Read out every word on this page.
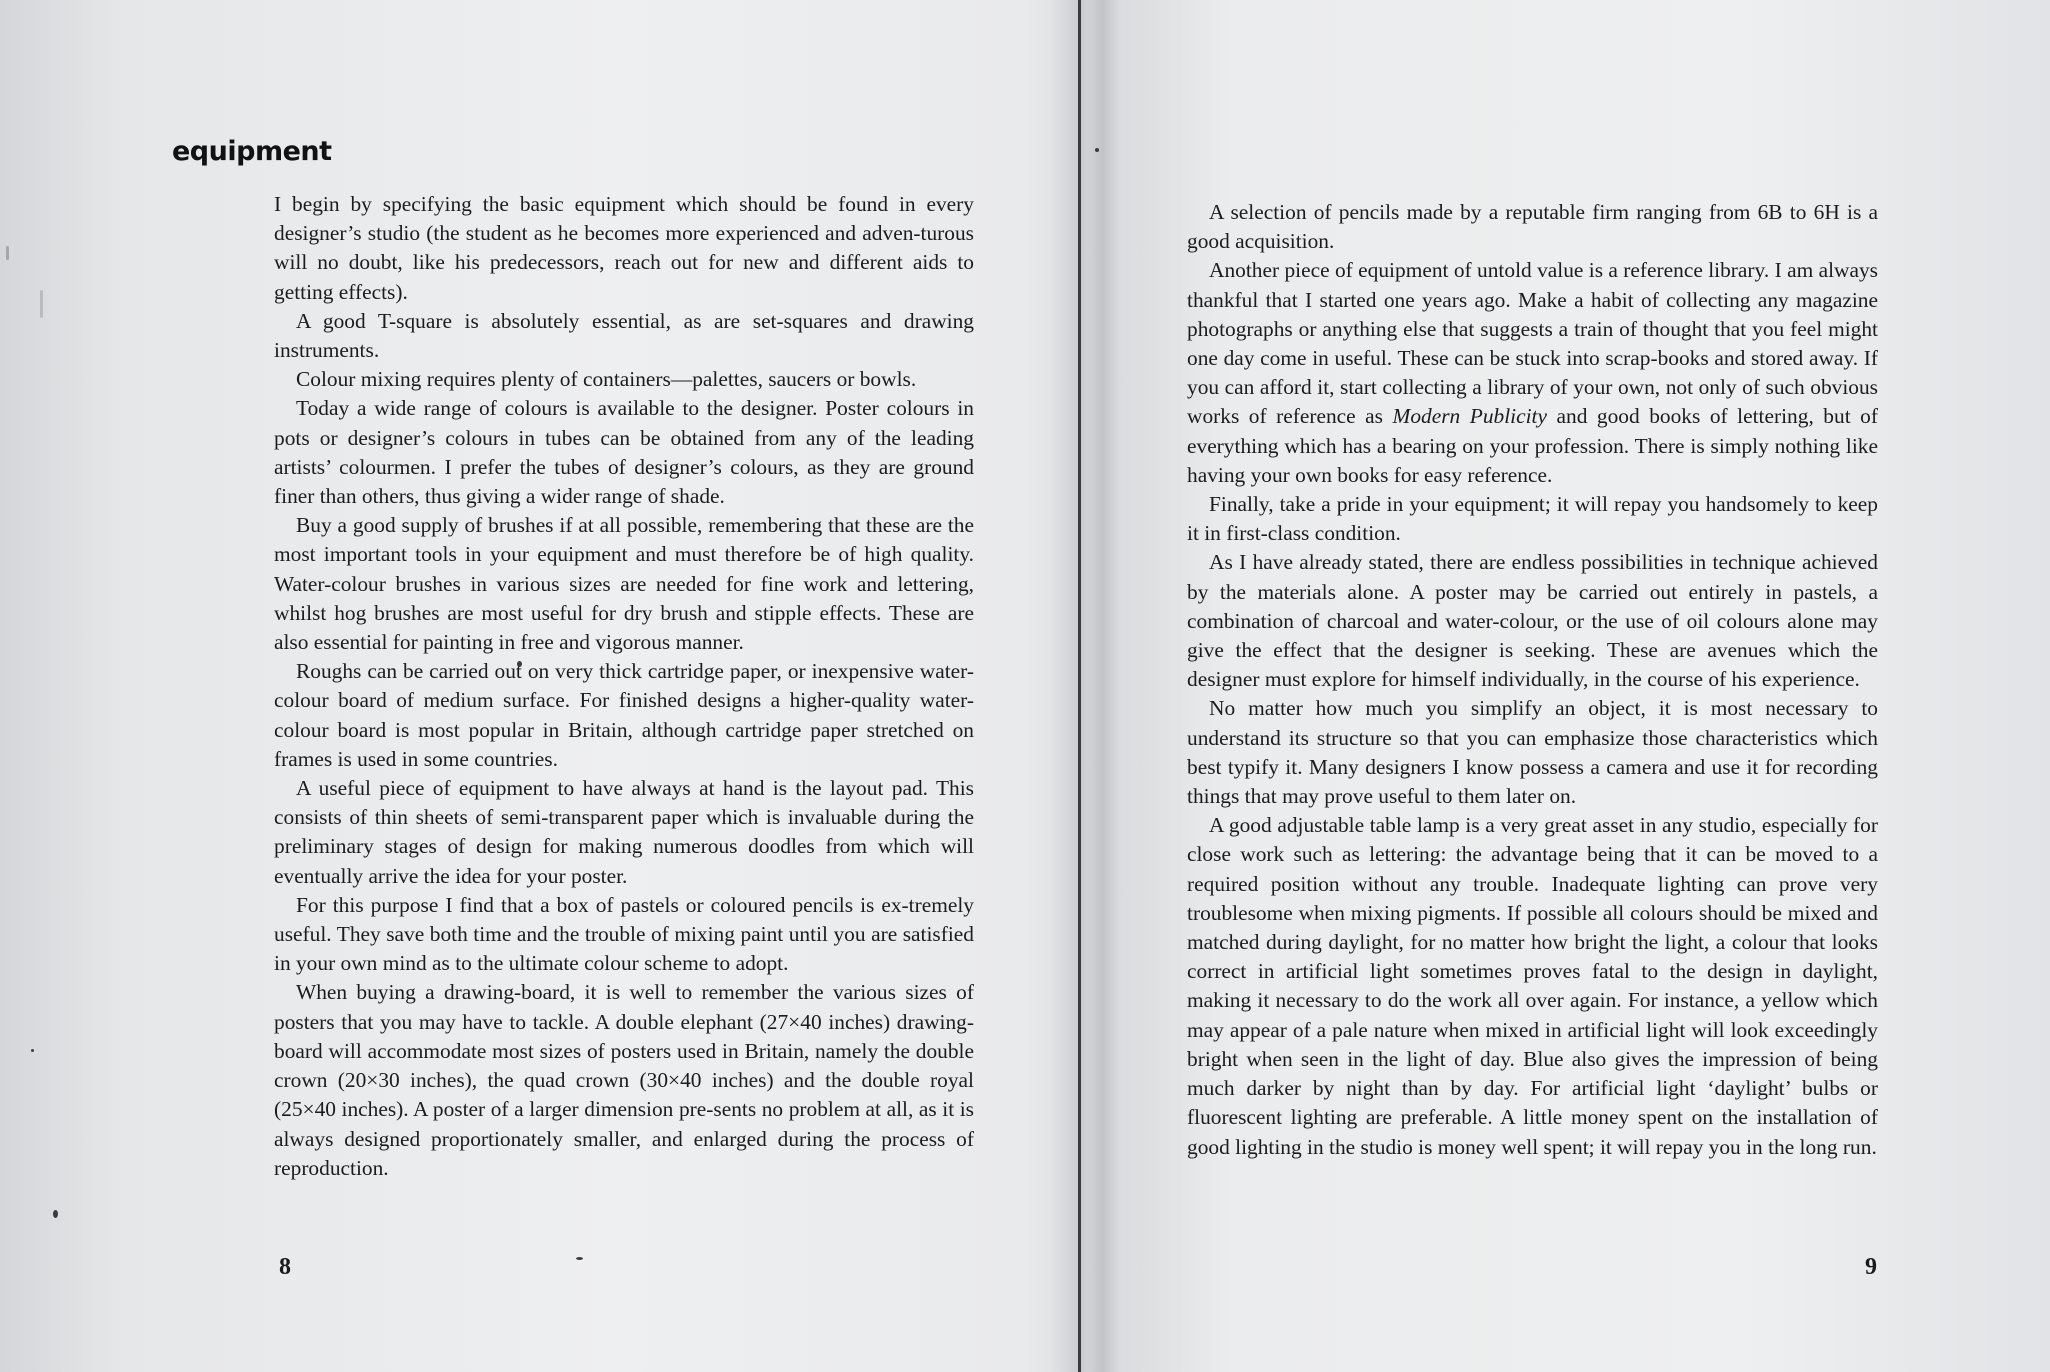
equipment

I begin by specifying the basic equipment which should be found in every designer’s studio (the student as he becomes more experienced and adven-turous will no doubt, like his predecessors, reach out for new and different aids to getting effects).

A good T-square is absolutely essential, as are set-squares and drawing instruments.

Colour mixing requires plenty of containers—palettes, saucers or bowls.

Today a wide range of colours is available to the designer. Poster colours in pots or designer’s colours in tubes can be obtained from any of the leading artists’ colourmen. I prefer the tubes of designer’s colours, as they are ground finer than others, thus giving a wider range of shade.

Buy a good supply of brushes if at all possible, remembering that these are the most important tools in your equipment and must therefore be of high quality. Water-colour brushes in various sizes are needed for fine work and lettering, whilst hog brushes are most useful for dry brush and stipple effects. These are also essential for painting in free and vigorous manner.

Roughs can be carried out on very thick cartridge paper, or inexpensive water-colour board of medium surface. For finished designs a higher-quality water-colour board is most popular in Britain, although cartridge paper stretched on frames is used in some countries.

A useful piece of equipment to have always at hand is the layout pad. This consists of thin sheets of semi-transparent paper which is invaluable during the preliminary stages of design for making numerous doodles from which will eventually arrive the idea for your poster.

For this purpose I find that a box of pastels or coloured pencils is ex-tremely useful. They save both time and the trouble of mixing paint until you are satisfied in your own mind as to the ultimate colour scheme to adopt.

When buying a drawing-board, it is well to remember the various sizes of posters that you may have to tackle. A double elephant (27×40 inches) drawing-board will accommodate most sizes of posters used in Britain, namely the double crown (20×30 inches), the quad crown (30×40 inches) and the double royal (25×40 inches). A poster of a larger dimension pre-sents no problem at all, as it is always designed proportionately smaller, and enlarged during the process of reproduction.

8

A selection of pencils made by a reputable firm ranging from 6B to 6H is a good acquisition.

Another piece of equipment of untold value is a reference library. I am always thankful that I started one years ago. Make a habit of collecting any magazine photographs or anything else that suggests a train of thought that you feel might one day come in useful. These can be stuck into scrap-books and stored away. If you can afford it, start collecting a library of your own, not only of such obvious works of reference as Modern Publicity and good books of lettering, but of everything which has a bearing on your profession. There is simply nothing like having your own books for easy reference.

Finally, take a pride in your equipment; it will repay you handsomely to keep it in first-class condition.

As I have already stated, there are endless possibilities in technique achieved by the materials alone. A poster may be carried out entirely in pastels, a combination of charcoal and water-colour, or the use of oil colours alone may give the effect that the designer is seeking. These are avenues which the designer must explore for himself individually, in the course of his experience.

No matter how much you simplify an object, it is most necessary to understand its structure so that you can emphasize those characteristics which best typify it. Many designers I know possess a camera and use it for recording things that may prove useful to them later on.

A good adjustable table lamp is a very great asset in any studio, especially for close work such as lettering: the advantage being that it can be moved to a required position without any trouble. Inadequate lighting can prove very troublesome when mixing pigments. If possible all colours should be mixed and matched during daylight, for no matter how bright the light, a colour that looks correct in artificial light sometimes proves fatal to the design in daylight, making it necessary to do the work all over again. For instance, a yellow which may appear of a pale nature when mixed in artificial light will look exceedingly bright when seen in the light of day. Blue also gives the impression of being much darker by night than by day. For artificial light ‘daylight’ bulbs or fluorescent lighting are preferable. A little money spent on the installation of good lighting in the studio is money well spent; it will repay you in the long run.

9
